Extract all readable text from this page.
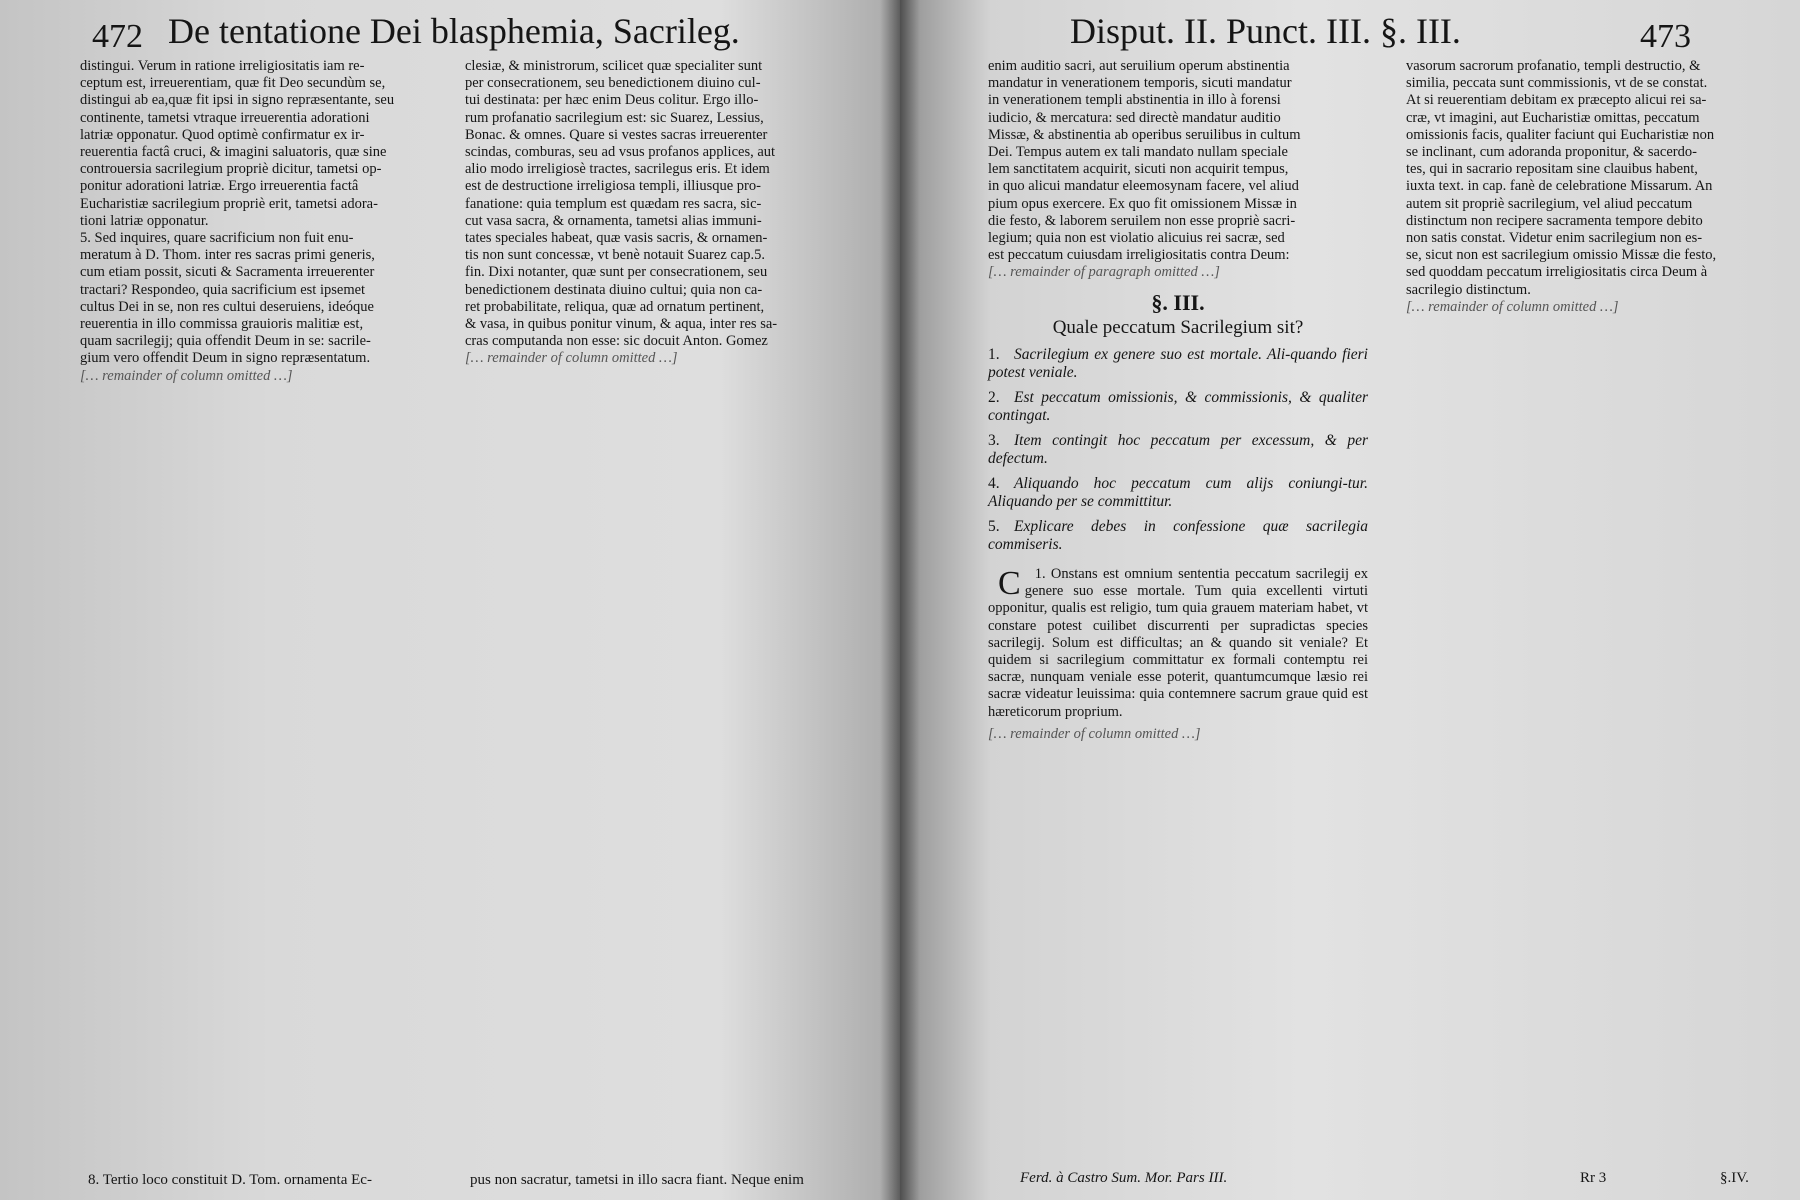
472 De tentatione Dei blasphemia, Sacrileg.
distingui. Verum in ratione irreligiositatis iam re-
ceptum est, irreuerentiam, quæ fit Deo secundùm se,
distingui ab ea,quæ fit ipsi in signo repræsentante, seu
continente, tametsi vtraque irreuerentia adorationi
latriæ opponatur. Quod optimè confirmatur ex ir-
reuerentia factâ cruci, & imagini saluatoris, quæ sine
controuersia sacrilegium propriè dicitur, tametsi op-
ponitur adorationi latriæ. Ergo irreuerentia factâ
Eucharistiæ sacrilegium propriè erit, tametsi adora-
tioni latriæ opponatur.
5. Sed inquires, quare sacrificium non fuit enu-
meratum à D. Thom. inter res sacras primi generis,
cum etiam possit, sicuti & Sacramenta irreuerenter
tractari? Respondeo, quia sacrificium est ipsemet
cultus Dei in se, non res cultui deseruiens, ideóque
reuerentia in illo commissa grauioris malitiæ est,
quam sacrilegij; quia offendit Deum in se: sacrile-
gium vero offendit Deum in signo repræsentatum.

[… remainder of column omitted …]

8. Tertio loco constituit D. Tom. ornamenta Ec-
clesiæ, & ministrorum, scilicet quæ specialiter sunt
per consecrationem, seu benedictionem diuino cul-
tui destinata: per hæc enim Deus colitur. Ergo illo-
rum profanatio sacrilegium est: sic Suarez, Lessius,
Bonac. & omnes. Quare si vestes sacras irreuerenter
scindas, comburas, seu ad vsus profanos applices, aut
alio modo irreligiosè tractes, sacrilegus eris. Et idem
est de destructione irreligiosa templi, illiusque pro-
fanatione: quia templum est quædam res sacra, sic-
cut vasa sacra, & ornamenta, tametsi alias immuni-
tates speciales habeat, quæ vasis sacris, & ornamen-
tis non sunt concessæ, vt benè notauit Suarez cap.5.
fin. Dixi notanter, quæ sunt per consecrationem, seu
benedictionem destinata diuino cultui; quia non ca-
ret probabilitate, reliqua, quæ ad ornatum pertinent,
& vasa, in quibus ponitur vinum, & aqua, inter res sa-
cras computanda non esse: sic docuit Anton. Gomez

[… remainder of column omitted …]

pus non sacratur, tametsi in illo sacra fiant. Neque enim
Disput. II. Punct. III. §. III.	473
enim auditio sacri, aut seruilium operum abstinentia
mandatur in venerationem temporis, sicuti mandatur
in venerationem templi abstinentia in illo à forensi
iudicio, & mercatura: sed directè mandatur auditio
Missæ, & abstinentia ab operibus seruilibus in cultum
Dei. Tempus autem ex tali mandato nullam speciale
lem sanctitatem acquirit, sicuti non acquirit tempus,
in quo alicui mandatur eleemosynam facere, vel aliud
pium opus exercere. Ex quo fit omissionem Missæ in
die festo, & laborem seruilem non esse propriè sacri-
legium; quia non est violatio alicuius rei sacræ, sed
est peccatum cuiusdam irreligiositatis contra Deum:

[… remainder of paragraph omitted …]

§. III.
Quale peccatum Sacrilegium sit?
1. Sacrilegium ex genere suo est mortale. Ali-quando fieri potest veniale.
2. Est peccatum omissionis, & commissionis, & qualiter contingat.
3. Item contingit hoc peccatum per excessum, & per defectum.
4. Aliquando hoc peccatum cum alijs coniungi-tur. Aliquando per se committitur.
5. Explicare debes in confessione quæ sacrilegia commiseris.

1.
C Onstans est omnium sententia peccatum sacrilegij ex genere suo esse mortale. Tum quia excellenti virtuti opponitur, qualis est religio, tum quia grauem materiam habet, vt constare potest cuilibet discurrenti per supradictas species sacrilegij. Solum est difficultas; an & quando sit veniale? Et quidem si sacrilegium committatur ex formali contemptu rei sacræ, nunquam veniale esse poterit, quantumcumque læsio rei sacræ videatur leuissima: quia contemnere sacrum graue quid est hæreticorum proprium.

[… remainder of column omitted …]

Ferd. à Castro Sum. Mor. Pars III.
vasorum sacrorum profanatio, templi destructio, &
similia, peccata sunt commissionis, vt de se constat.
At si reuerentiam debitam ex præcepto alicui rei sa-
cræ, vt imagini, aut Eucharistiæ omittas, peccatum
omissionis facis, qualiter faciunt qui Eucharistiæ non
se inclinant, cum adoranda proponitur, & sacerdo-
tes, qui in sacrario repositam sine clauibus habent,
iuxta text. in cap. fanè de celebratione Missarum. An
autem sit propriè sacrilegium, vel aliud peccatum
distinctum non recipere sacramenta tempore debito
non satis constat. Videtur enim sacrilegium non es-
se, sicut non est sacrilegium omissio Missæ die festo,
sed quoddam peccatum irreligiositatis circa Deum à
sacrilegio distinctum.

[… remainder of column omitted …]

Rr 3	§.IV.
